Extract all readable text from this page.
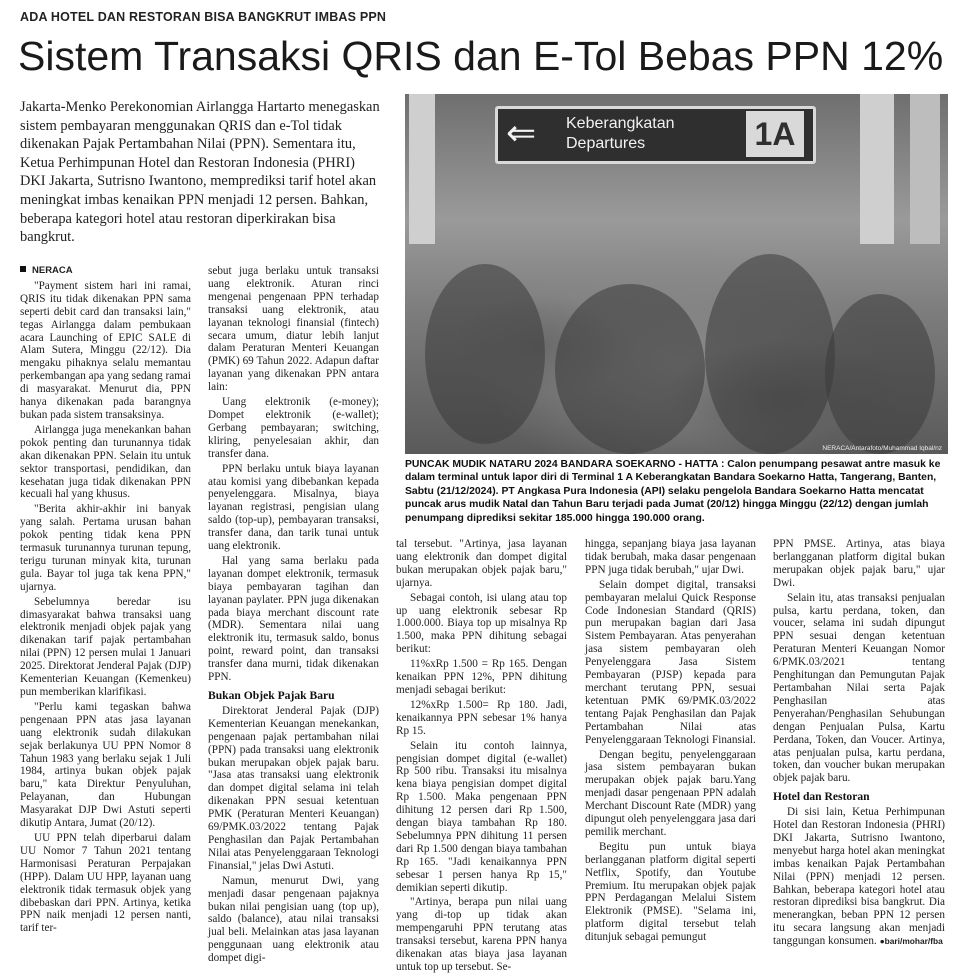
ADA HOTEL DAN RESTORAN BISA BANGKRUT IMBAS PPN
Sistem Transaksi QRIS dan E-Tol Bebas PPN 12%

Jakarta-Menko Perekonomian Airlangga Hartarto menegaskan sistem pembayaran menggunakan QRIS dan e-Tol tidak dikenakan Pajak Pertambahan Nilai (PPN). Sementara itu, Ketua Perhimpunan Hotel dan Restoran Indonesia (PHRI) DKI Jakarta, Sutrisno Iwantono, memprediksi tarif hotel akan meningkat imbas kenaikan PPN menjadi 12 persen. Bahkan, beberapa kategori hotel atau restoran diperkirakan bisa bangkrut.

⇐ Keberangkatan
Departures	1A
NERACA/Antarafoto/Muhammad Iqbal/nz

PUNCAK MUDIK NATARU 2024 BANDARA SOEKARNO - HATTA : Calon penumpang pesawat antre masuk ke dalam terminal untuk lapor diri di Terminal 1 A Keberangkatan Bandara Soekarno Hatta, Tangerang, Banten, Sabtu (21/12/2024). PT Angkasa Pura Indonesia (API) selaku pengelola Bandara Soekarno Hatta mencatat puncak arus mudik Natal dan Tahun Baru terjadi pada Jumat (20/12) hingga Minggu (22/12) dengan jumlah penumpang diprediksi sekitar 185.000 hingga 190.000 orang.

NERACA

"Payment sistem hari ini ramai, QRIS itu tidak dikenakan PPN sama seperti debit card dan transaksi lain," tegas Airlangga dalam pembukaan acara Launching of EPIC SALE di Alam Sutera, Minggu (22/12). Dia mengaku pihaknya selalu memantau perkembangan apa yang sedang ramai di masyarakat. Menurut dia, PPN hanya dikenakan pada barangnya bukan pada sistem transaksinya.

Airlangga juga menekankan bahan pokok penting dan turunannya tidak akan dikenakan PPN. Selain itu untuk sektor transportasi, pendidikan, dan kesehatan juga tidak dikenakan PPN kecuali hal yang khusus.

"Berita akhir-akhir ini banyak yang salah. Pertama urusan bahan pokok penting tidak kena PPN termasuk turunannya turunan tepung, terigu turunan minyak kita, turunan gula. Bayar tol juga tak kena PPN," ujarnya.

Sebelumnya beredar isu dimasyarakat bahwa transaksi uang elektronik menjadi objek pajak yang dikenakan tarif pajak pertambahan nilai (PPN) 12 persen mulai 1 Januari 2025. Direktorat Jenderal Pajak (DJP) Kementerian Keuangan (Kemenkeu) pun memberikan klarifikasi.

"Perlu kami tegaskan bahwa pengenaan PPN atas jasa layanan uang elektronik sudah dilakukan sejak berlakunya UU PPN Nomor 8 Tahun 1983 yang berlaku sejak 1 Juli 1984, artinya bukan objek pajak baru," kata Direktur Penyuluhan, Pelayanan, dan Hubungan Masyarakat DJP Dwi Astuti seperti dikutip Antara, Jumat (20/12).

UU PPN telah diperbarui dalam UU Nomor 7 Tahun 2021 tentang Harmonisasi Peraturan Perpajakan (HPP). Dalam UU HPP, layanan uang elektronik tidak termasuk objek yang dibebaskan dari PPN. Artinya, ketika PPN naik menjadi 12 persen nanti, tarif ter-

sebut juga berlaku untuk transaksi uang elektronik. Aturan rinci mengenai pengenaan PPN terhadap transaksi uang elektronik, atau layanan teknologi finansial (fintech) secara umum, diatur lebih lanjut dalam Peraturan Menteri Keuangan (PMK) 69 Tahun 2022. Adapun daftar layanan yang dikenakan PPN antara lain:

Uang elektronik (e-money); Dompet elektronik (e-wallet); Gerbang pembayaran; switching, kliring, penyelesaian akhir, dan transfer dana.

PPN berlaku untuk biaya layanan atau komisi yang dibebankan kepada penyelenggara. Misalnya, biaya layanan registrasi, pengisian ulang saldo (top-up), pembayaran transaksi, transfer dana, dan tarik tunai untuk uang elektronik.

Hal yang sama berlaku pada layanan dompet elektronik, termasuk biaya pembayaran tagihan dan layanan paylater. PPN juga dikenakan pada biaya merchant discount rate (MDR). Sementara nilai uang elektronik itu, termasuk saldo, bonus point, reward point, dan transaksi transfer dana murni, tidak dikenakan PPN.

Bukan Objek Pajak Baru

Direktorat Jenderal Pajak (DJP) Kementerian Keuangan menekankan, pengenaan pajak pertambahan nilai (PPN) pada transaksi uang elektronik bukan merupakan objek pajak baru. "Jasa atas transaksi uang elektronik dan dompet digital selama ini telah dikenakan PPN sesuai ketentuan PMK (Peraturan Menteri Keuangan) 69/PMK.03/2022 tentang Pajak Penghasilan dan Pajak Pertambahan Nilai atas Penyelenggaraan Teknologi Finansial," jelas Dwi Astuti.

Namun, menurut Dwi, yang menjadi dasar pengenaan pajaknya bukan nilai pengisian uang (top up), saldo (balance), atau nilai transaksi jual beli. Melainkan atas jasa layanan penggunaan uang elektronik atau dompet digi-

tal tersebut. "Artinya, jasa layanan uang elektronik dan dompet digital bukan merupakan objek pajak baru," ujarnya.

Sebagai contoh, isi ulang atau top up uang elektronik sebesar Rp 1.000.000. Biaya top up misalnya Rp 1.500, maka PPN dihitung sebagai berikut:

11%xRp 1.500 = Rp 165. Dengan kenaikan PPN 12%, PPN dihitung menjadi sebagai berikut:

12%xRp 1.500= Rp 180. Jadi, kenaikannya PPN sebesar 1% hanya Rp 15.

Selain itu contoh lainnya, pengisian dompet digital (e-wallet) Rp 500 ribu. Transaksi itu misalnya kena biaya pengisian dompet digital Rp 1.500. Maka pengenaan PPN dihitung 12 persen dari Rp 1.500, dengan biaya tambahan Rp 180. Sebelumnya PPN dihitung 11 persen dari Rp 1.500 dengan biaya tambahan Rp 165. "Jadi kenaikannya PPN sebesar 1 persen hanya Rp 15," demikian seperti dikutip.

"Artinya, berapa pun nilai uang yang di-top up tidak akan mempengaruhi PPN terutang atas transaksi tersebut, karena PPN hanya dikenakan atas biaya jasa layanan untuk top up tersebut. Se-

hingga, sepanjang biaya jasa layanan tidak berubah, maka dasar pengenaan PPN juga tidak berubah," ujar Dwi.

Selain dompet digital, transaksi pembayaran melalui Quick Response Code Indonesian Standard (QRIS) pun merupakan bagian dari Jasa Sistem Pembayaran. Atas penyerahan jasa sistem pembayaran oleh Penyelenggara Jasa Sistem Pembayaran (PJSP) kepada para merchant terutang PPN, sesuai ketentuan PMK 69/PMK.03/2022 tentang Pajak Penghasilan dan Pajak Pertambahan Nilai atas Penyelenggaraan Teknologi Finansial.

Dengan begitu, penyelenggaraan jasa sistem pembayaran bukan merupakan objek pajak baru.Yang menjadi dasar pengenaan PPN adalah Merchant Discount Rate (MDR) yang dipungut oleh penyelenggara jasa dari pemilik merchant.

Begitu pun untuk biaya berlangganan platform digital seperti Netflix, Spotify, dan Youtube Premium. Itu merupakan objek pajak PPN Perdagangan Melalui Sistem Elektronik (PMSE). "Selama ini, platform digital tersebut telah ditunjuk sebagai pemungut

PPN PMSE. Artinya, atas biaya berlangganan platform digital bukan merupakan objek pajak baru," ujar Dwi.

Selain itu, atas transaksi penjualan pulsa, kartu perdana, token, dan voucer, selama ini sudah dipungut PPN sesuai dengan ketentuan Peraturan Menteri Keuangan Nomor 6/PMK.03/2021 tentang Penghitungan dan Pemungutan Pajak Pertambahan Nilai serta Pajak Penghasilan atas Penyerahan/Penghasilan Sehubungan dengan Penjualan Pulsa, Kartu Perdana, Token, dan Voucer. Artinya, atas penjualan pulsa, kartu perdana, token, dan voucher bukan merupakan objek pajak baru.

Hotel dan Restoran

Di sisi lain, Ketua Perhimpunan Hotel dan Restoran Indonesia (PHRI) DKI Jakarta, Sutrisno Iwantono, menyebut harga hotel akan meningkat imbas kenaikan Pajak Pertambahan Nilai (PPN) menjadi 12 persen. Bahkan, beberapa kategori hotel atau restoran diprediksi bisa bangkrut. Dia menerangkan, beban PPN 12 persen itu secara langsung akan menjadi tanggungan konsumen. ●bari/mohar/fba
